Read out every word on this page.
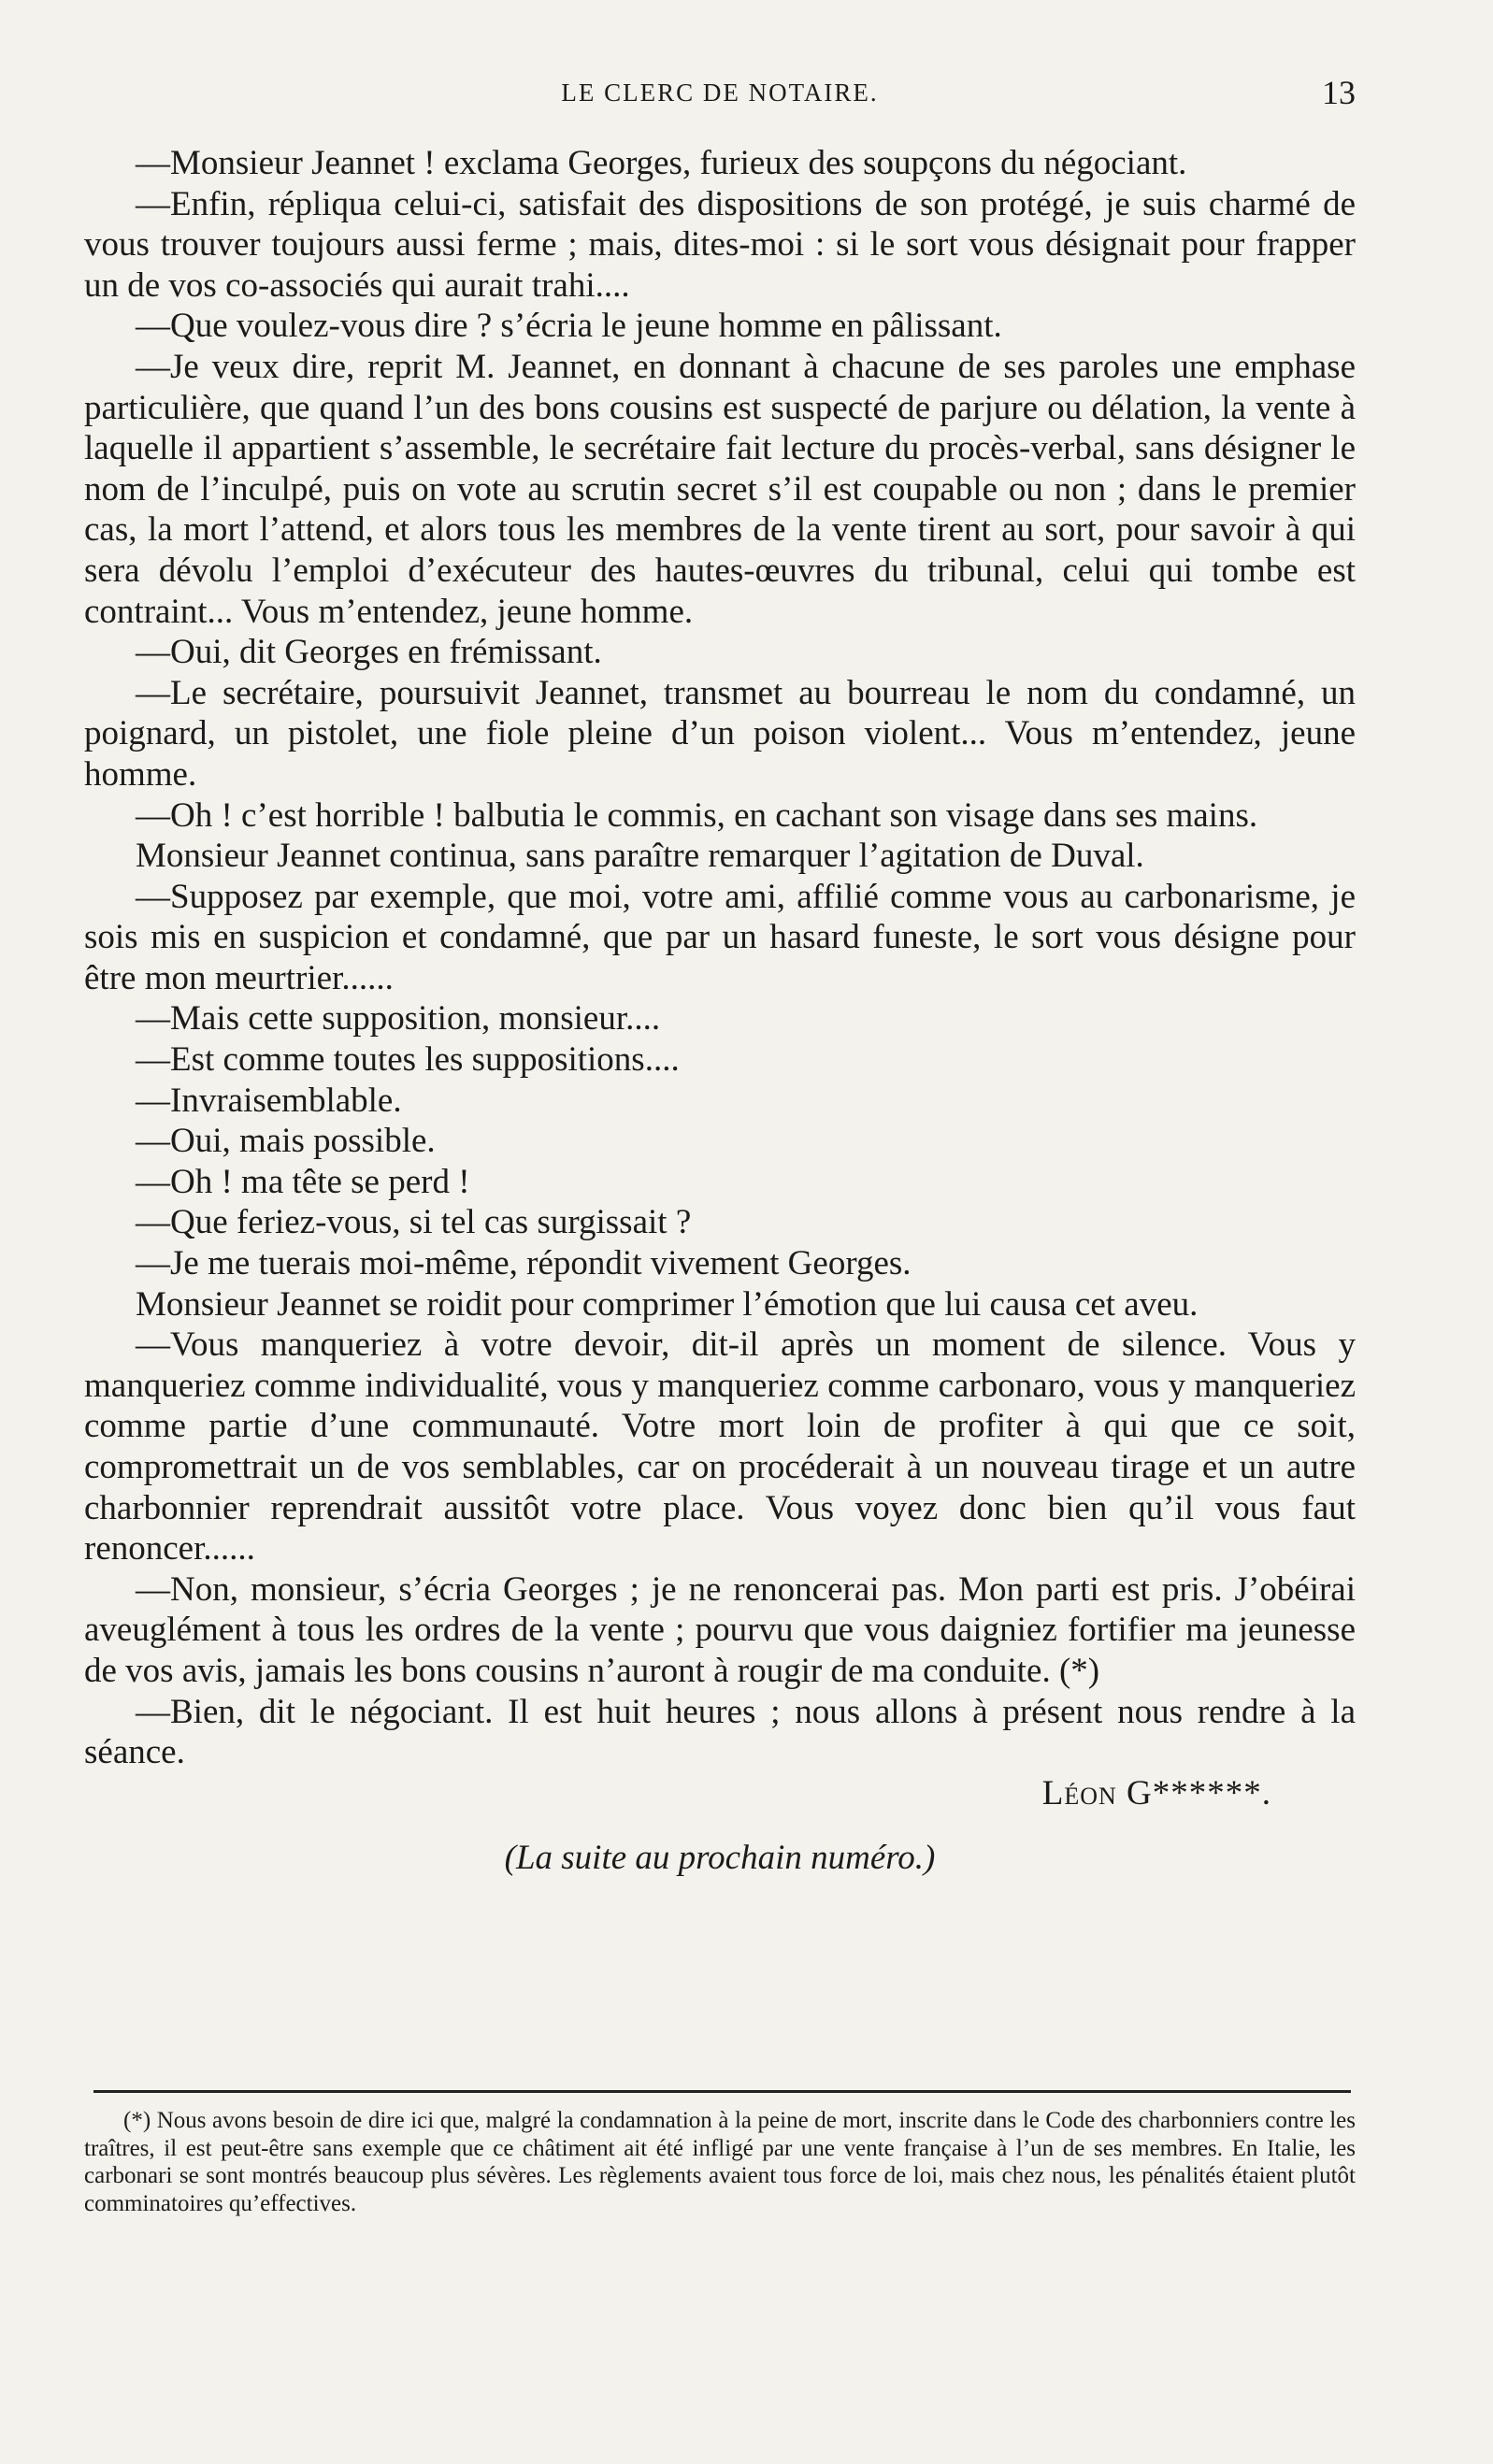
LE CLERC DE NOTAIRE.	13

—Monsieur Jeannet ! exclama Georges, furieux des soupçons du négociant.

—Enfin, répliqua celui-ci, satisfait des dispositions de son protégé, je suis charmé de vous trouver toujours aussi ferme ; mais, dites-moi : si le sort vous désignait pour frapper un de vos co-associés qui aurait trahi....

—Que voulez-vous dire ? s’écria le jeune homme en pâlissant.

—Je veux dire, reprit M. Jeannet, en donnant à chacune de ses paroles une emphase particulière, que quand l’un des bons cousins est suspecté de parjure ou délation, la vente à laquelle il appartient s’assemble, le secrétaire fait lecture du procès-verbal, sans désigner le nom de l’inculpé, puis on vote au scrutin secret s’il est coupable ou non ; dans le premier cas, la mort l’attend, et alors tous les membres de la vente tirent au sort, pour savoir à qui sera dévolu l’emploi d’exécuteur des hautes-œuvres du tribunal, celui qui tombe est contraint... Vous m’entendez, jeune homme.

—Oui, dit Georges en frémissant.

—Le secrétaire, poursuivit Jeannet, transmet au bourreau le nom du condamné, un poignard, un pistolet, une fiole pleine d’un poison violent... Vous m’entendez, jeune homme.

—Oh ! c’est horrible ! balbutia le commis, en cachant son visage dans ses mains.

Monsieur Jeannet continua, sans paraître remarquer l’agitation de Duval.

—Supposez par exemple, que moi, votre ami, affilié comme vous au carbonarisme, je sois mis en suspicion et condamné, que par un hasard funeste, le sort vous désigne pour être mon meurtrier......

—Mais cette supposition, monsieur....

—Est comme toutes les suppositions....

—Invraisemblable.

—Oui, mais possible.

—Oh ! ma tête se perd !

—Que feriez-vous, si tel cas surgissait ?

—Je me tuerais moi-même, répondit vivement Georges.

Monsieur Jeannet se roidit pour comprimer l’émotion que lui causa cet aveu.

—Vous manqueriez à votre devoir, dit-il après un moment de silence. Vous y manqueriez comme individualité, vous y manqueriez comme carbonaro, vous y manqueriez comme partie d’une communauté. Votre mort loin de profiter à qui que ce soit, compromettrait un de vos semblables, car on procéderait à un nouveau tirage et un autre charbonnier reprendrait aussitôt votre place. Vous voyez donc bien qu’il vous faut renoncer......

—Non, monsieur, s’écria Georges ; je ne renoncerai pas. Mon parti est pris. J’obéirai aveuglément à tous les ordres de la vente ; pourvu que vous daigniez fortifier ma jeunesse de vos avis, jamais les bons cousins n’auront à rougir de ma conduite. (*)

—Bien, dit le négociant. Il est huit heures ; nous allons à présent nous rendre à la séance.

Léon G******.

(La suite au prochain numéro.)

(*) Nous avons besoin de dire ici que, malgré la condamnation à la peine de mort, inscrite dans le Code des charbonniers contre les traîtres, il est peut-être sans exemple que ce châtiment ait été infligé par une vente française à l’un de ses membres. En Italie, les carbonari se sont montrés beaucoup plus sévères. Les règlements avaient tous force de loi, mais chez nous, les pénalités étaient plutôt comminatoires qu’effectives.
